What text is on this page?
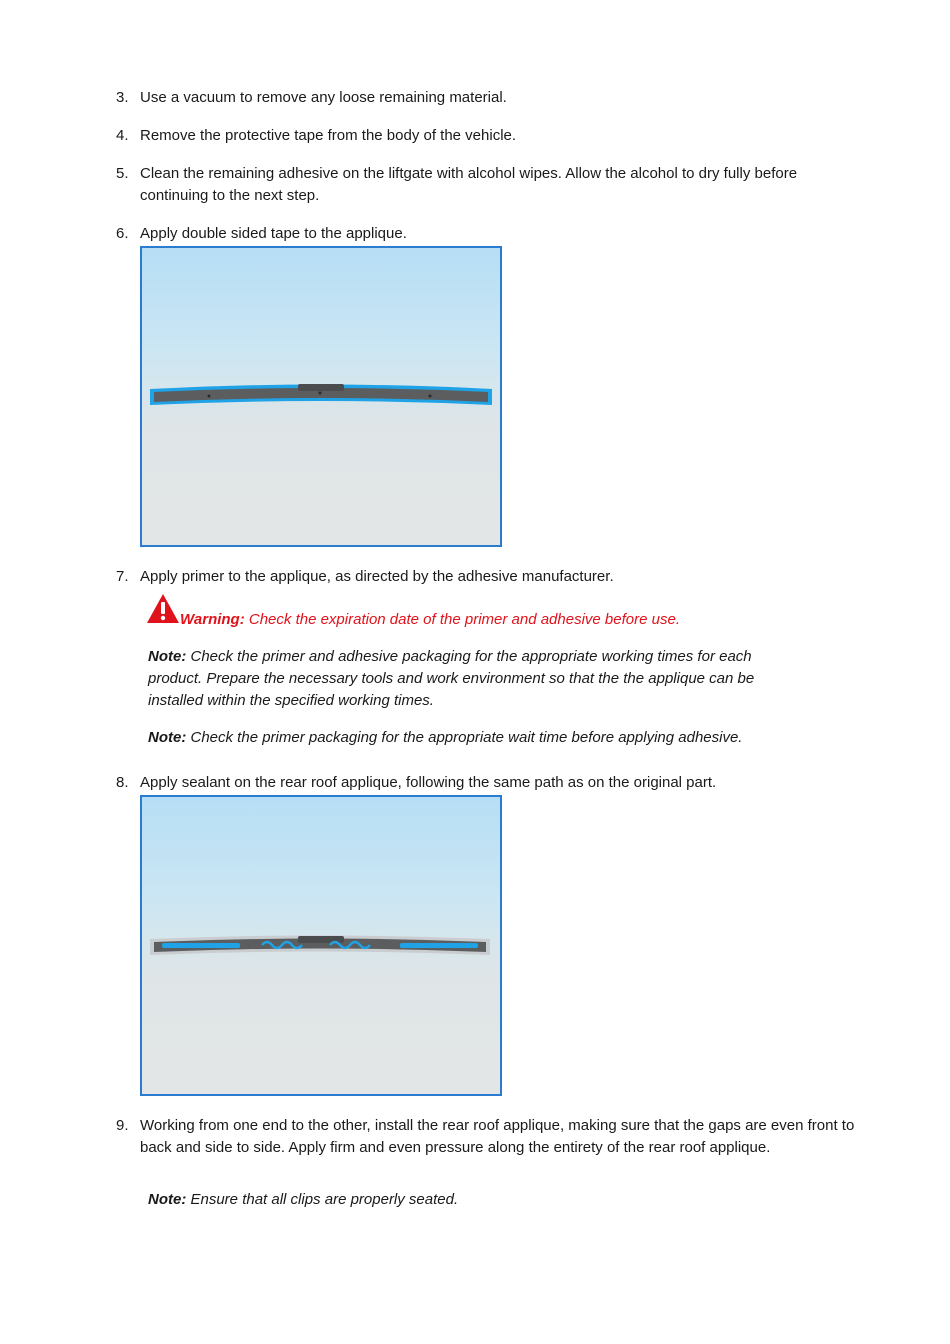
3. Use a vacuum to remove any loose remaining material.
4. Remove the protective tape from the body of the vehicle.
5. Clean the remaining adhesive on the liftgate with alcohol wipes. Allow the alcohol to dry fully before continuing to the next step.
6. Apply double sided tape to the applique.
7. Apply primer to the applique, as directed by the adhesive manufacturer.
Warning: Check the expiration date of the primer and adhesive before use.
Note: Check the primer and adhesive packaging for the appropriate working times for each product. Prepare the necessary tools and work environment so that the the applique can be installed within the specified working times.
Note: Check the primer packaging for the appropriate wait time before applying adhesive.
8. Apply sealant on the rear roof applique, following the same path as on the original part.
9. Working from one end to the other, install the rear roof applique, making sure that the gaps are even front to back and side to side. Apply firm and even pressure along the entirety of the rear roof applique.
Note: Ensure that all clips are properly seated.
